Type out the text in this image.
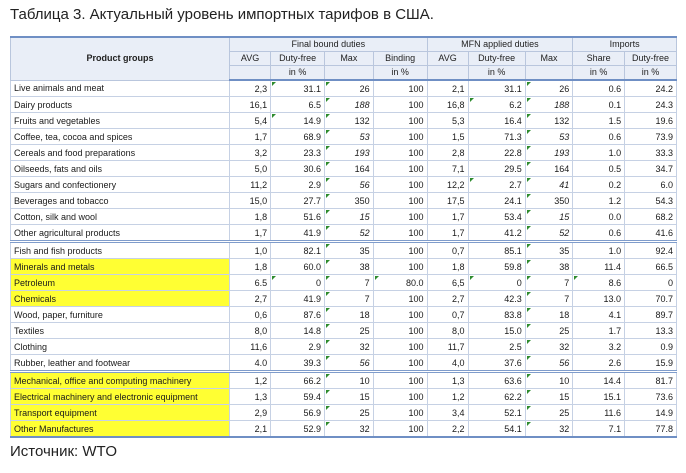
Таблица 3. Актуальный уровень импортных тарифов в США.
Product groups	Final bound duties				MFN applied duties			Imports	
	AVG	Duty-free	Max	Binding	AVG	Duty-free	Max	Share	Duty-free
		in %		in %		in %		in %	in %
Live animals and meat	2,3	31.1	26	100	2,1	31.1	26	0.6	24.2
Dairy products	16,1	6.5	188	100	16,8	6.2	188	0.1	24.3
Fruits and vegetables	5,4	14.9	132	100	5,3	16.4	132	1.5	19.6
Coffee, tea, cocoa and spices	1,7	68.9	53	100	1,5	71.3	53	0.6	73.9
Cereals and food preparations	3,2	23.3	193	100	2,8	22.8	193	1.0	33.3
Oilseeds, fats and oils	5,0	30.6	164	100	7,1	29.5	164	0.5	34.7
Sugars and confectionery	11,2	2.9	56	100	12,2	2.7	41	0.2	6.0
Beverages and tobacco	15,0	27.7	350	100	17,5	24.1	350	1.2	54.3
Cotton, silk and wool	1,8	51.6	15	100	1,7	53.4	15	0.0	68.2
Other agricultural products	1,7	41.9	52	100	1,7	41.2	52	0.6	41.6
Fish and fish products	1,0	82.1	35	100	0,7	85.1	35	1.0	92.4
Minerals and metals	1,8	60.0	38	100	1,8	59.8	38	11.4	66.5
Petroleum	6.5	0	7	80.0	6,5	0	7	8.6	0
Chemicals	2,7	41.9	7	100	2,7	42.3	7	13.0	70.7
Wood, paper, furniture	0,6	87.6	18	100	0,7	83.8	18	4.1	89.7
Textiles	8,0	14.8	25	100	8,0	15.0	25	1.7	13.3
Clothing	11,6	2.9	32	100	11,7	2.5	32	3.2	0.9
Rubber, leather and footwear	4.0	39.3	56	100	4,0	37.6	56	2.6	15.9
Mechanical, office and computing machinery	1,2	66.2	10	100	1,3	63.6	10	14.4	81.7
Electrical machinery and electronic equipment	1,3	59.4	15	100	1,2	62.2	15	15.1	73.6
Transport equipment	2,9	56.9	25	100	3,4	52.1	25	11.6	14.9
Other Manufactures	2,1	52.9	32	100	2,2	54.1	32	7.1	77.8
Источник: WTO
